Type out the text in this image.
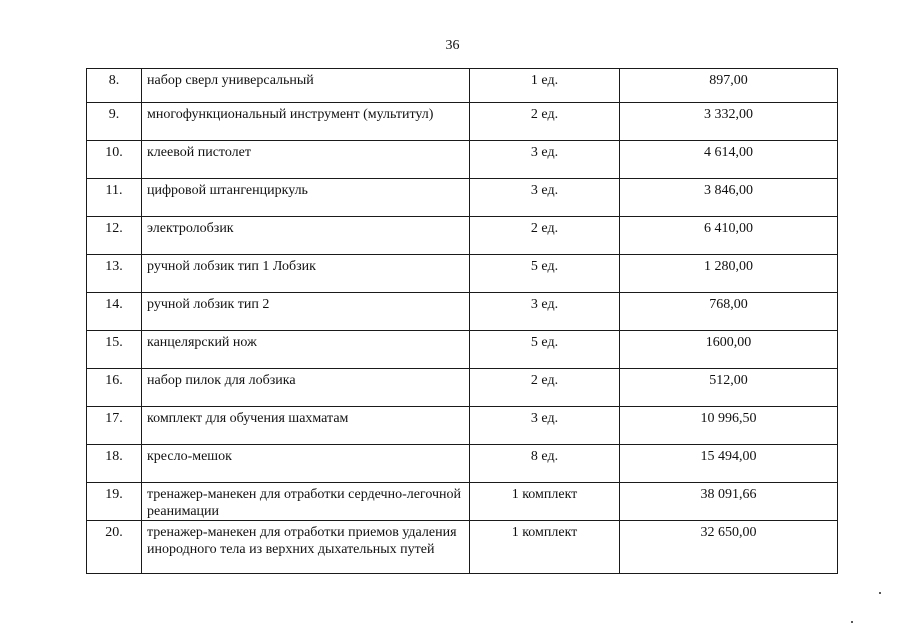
36
8.	набор сверл универсальный	1 ед.	897,00
9.	многофункциональный инструмент (мультитул)	2 ед.	3 332,00
10.	клеевой пистолет	3 ед.	4 614,00
11.	цифровой штангенциркуль	3 ед.	3 846,00
12.	электролобзик	2 ед.	6 410,00
13.	ручной лобзик тип 1 Лобзик	5 ед.	1 280,00
14.	ручной лобзик тип 2	3 ед.	768,00
15.	канцелярский нож	5 ед.	1600,00
16.	набор пилок для лобзика	2 ед.	512,00
17.	комплект для обучения шахматам	3 ед.	10 996,50
18.	кресло-мешок	8 ед.	15 494,00
19.	тренажер-манекен для отработки сердечно-легочной реанимации	1 комплект	38 091,66
20.	тренажер-манекен для отработки приемов удаления инородного тела из верхних дыхательных путей	1 комплект	32 650,00
